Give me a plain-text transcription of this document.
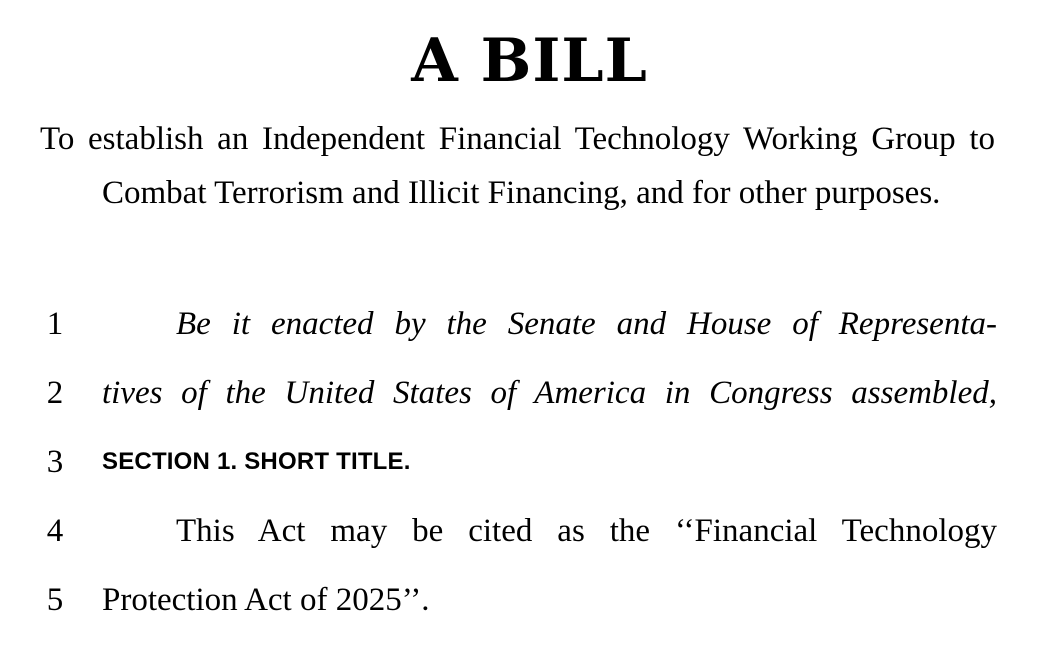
A BILL

To establish an Independent Financial Technology Working Group to Combat Terrorism and Illicit Financing, and for other purposes.

1	Be it enacted by the Senate and House of Representa-
2	tives of the United States of America in Congress assembled,
3	SECTION 1. SHORT TITLE.
4	This Act may be cited as the ‘‘Financial Technology
5	Protection Act of 2025’’.
